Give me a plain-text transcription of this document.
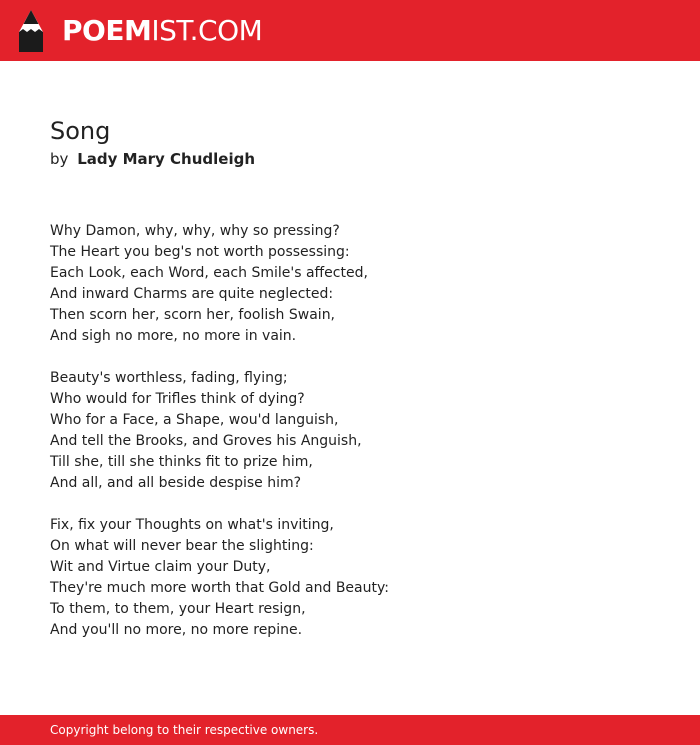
POEMIST.COM
Song
by Lady Mary Chudleigh
Why Damon, why, why, why so pressing?
The Heart you beg's not worth possessing:
Each Look, each Word, each Smile's affected,
And inward Charms are quite neglected:
Then scorn her, scorn her, foolish Swain,
And sigh no more, no more in vain.
Beauty's worthless, fading, flying;
Who would for Trifles think of dying?
Who for a Face, a Shape, wou'd languish,
And tell the Brooks, and Groves his Anguish,
Till she, till she thinks fit to prize him,
And all, and all beside despise him?
Fix, fix your Thoughts on what's inviting,
On what will never bear the slighting:
Wit and Virtue claim your Duty,
They're much more worth that Gold and Beauty:
To them, to them, your Heart resign,
And you'll no more, no more repine.
Copyright belong to their respective owners.
